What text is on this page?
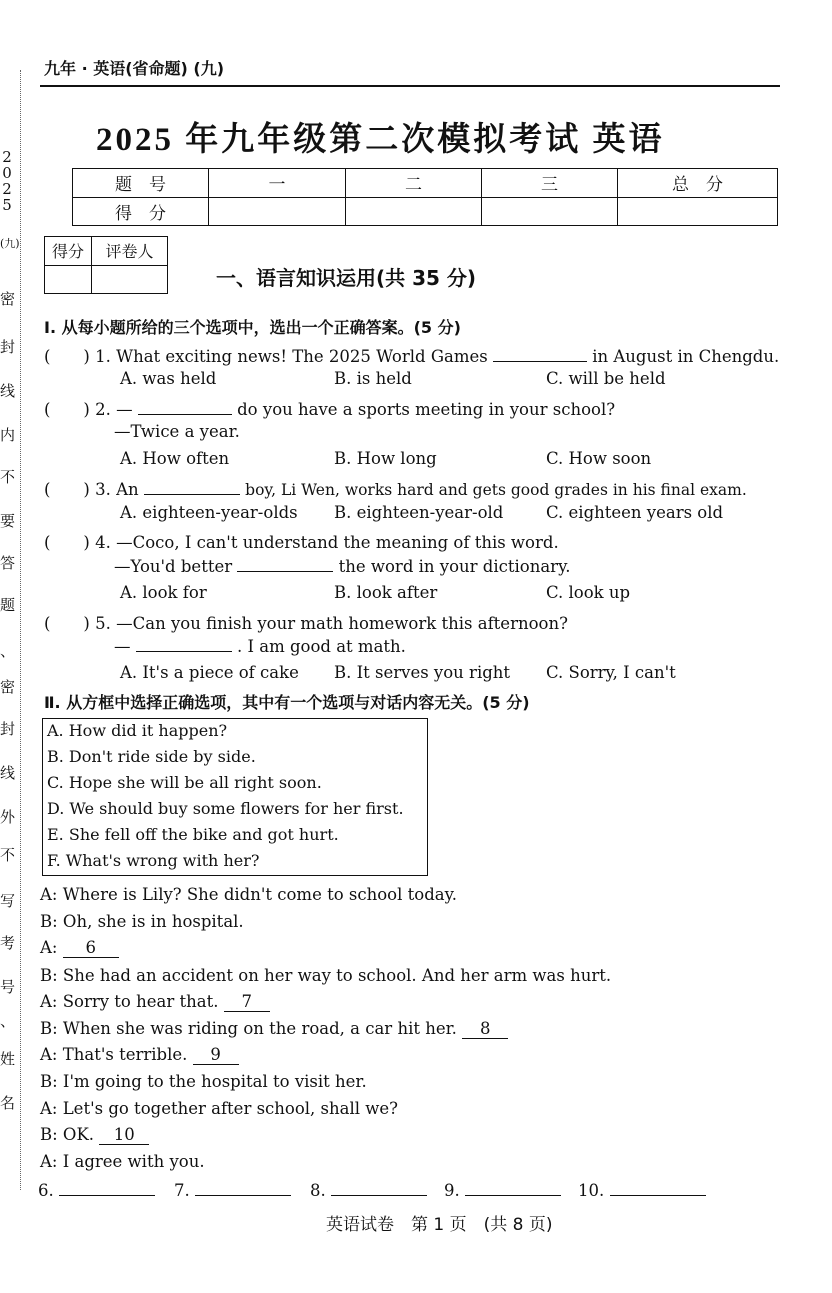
2
0
2
5
(九)
密
封
线
内
不
要
答
题
、
密
封
线
外
不
写
考
号
、
姓
名
九年 · 英语(省命题) (九)
2025 年九年级第二次模拟考试 英语
题　号	一	二	三	总　分
得　分				
得分	评卷人

一、语言知识运用(共 35 分)
Ⅰ. 从每小题所给的三个选项中，选出一个正确答案。(5 分)
(　　) 1. What exciting news! The 2025 World Games	in August in Chengdu.
A. was held	B. is held	C. will be held
(　　) 2. —	do you have a sports meeting in your school?
—Twice a year.
A. How often	B. How long	C. How soon
(　　) 3. An	boy, Li Wen, works hard and gets good grades in his final exam.
A. eighteen-year-olds B. eighteen-year-old	C. eighteen years old
(　　) 4. —Coco, I can't understand the meaning of this word.
—You'd better	the word in your dictionary.
A. look for	B. look after	C. look up
(　　) 5. —Can you finish your math homework this afternoon?
—	. I am good at math.
A. It's a piece of cake B. It serves you right C. Sorry, I can't
Ⅱ. 从方框中选择正确选项，其中有一个选项与对话内容无关。(5 分)
A. How did it happen?
B. Don't ride side by side.
C. Hope she will be all right soon.
D. We should buy some flowers for her first.
E. She fell off the bike and got hurt.
F. What's wrong with her?
A: Where is Lily? She didn't come to school today.
B: Oh, she is in hospital.
A: 6
B: She had an accident on her way to school. And her arm was hurt.
A: Sorry to hear that. 7
B: When she was riding on the road, a car hit her. 8
A: That's terrible. 9
B: I'm going to the hospital to visit her.
A: Let's go together after school, shall we?
B: OK. 10
A: I agree with you.
6.	7.	8.	9.	10.
英语试卷　第 1 页　(共 8 页)
